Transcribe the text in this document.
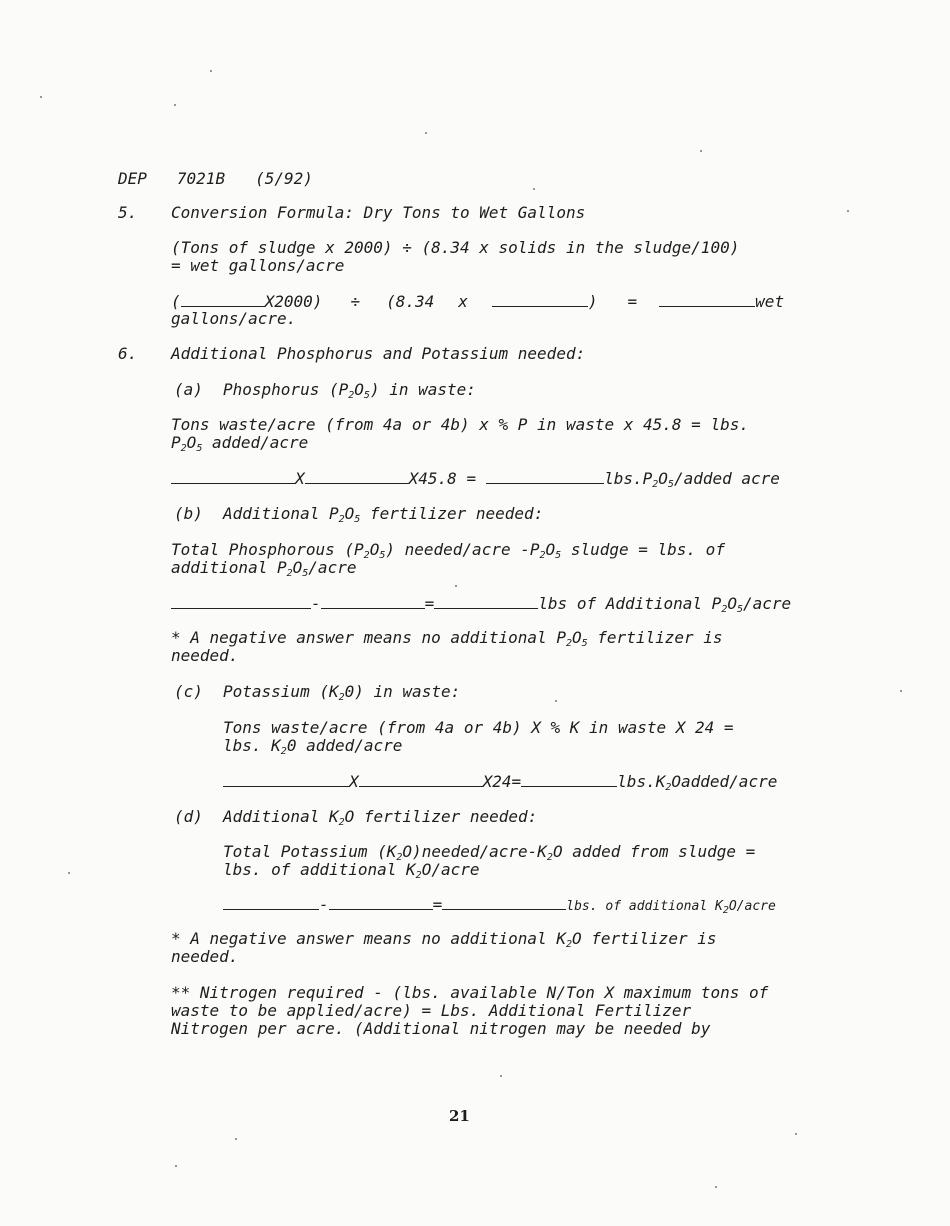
DEP 7021B (5/92)
5. Conversion Formula: Dry Tons to Wet Gallons
(Tons of sludge x 2000) ÷ (8.34 x solids in the sludge/100)
= wet gallons/acre
(	X2000) ÷ (8.34 x	) =	wet
gallons/acre.
6. Additional Phosphorus and Potassium needed:
(a) Phosphorus $(P_2O_5)$ in waste:
Tons waste/acre (from 4a or 4b) x % P in waste x 45.8 = lbs.
$P_2O_5$ added/acre
X	X45.8 =	$lbs.P_2O_5$/added acre
(b) Additional $P_2O_5$ fertilizer needed:
Total Phosphorous $(P_2O_5)$ needed/acre $-P_2O_5$ sludge = lbs. of
additional $P_2O_5$/acre
-	=	lbs of Additional $P_2O_5$/acre
* A negative answer means no additional $P_2O_5$ fertilizer is
needed.
(c) Potassium $(K_20)$ in waste:
Tons waste/acre (from 4a or 4b) X % K in waste X 24 =
lbs. $K_20$ added/acre
X	X24=	$lbs.K_2Oadded$/acre
(d) Additional $K_2O$ fertilizer needed:
Total Potassium $(K_2O)needed/acre-K_2O$ added from sludge =
lbs. of additional $K_2O$/acre
-	=	lbs. of additional $K_2O$/acre
* A negative answer means no additional $K_2O$ fertilizer is
needed.
** Nitrogen required - (lbs. available N/Ton X maximum tons of
waste to be applied/acre) = Lbs. Additional Fertilizer
Nitrogen per acre. (Additional nitrogen may be needed by
21
